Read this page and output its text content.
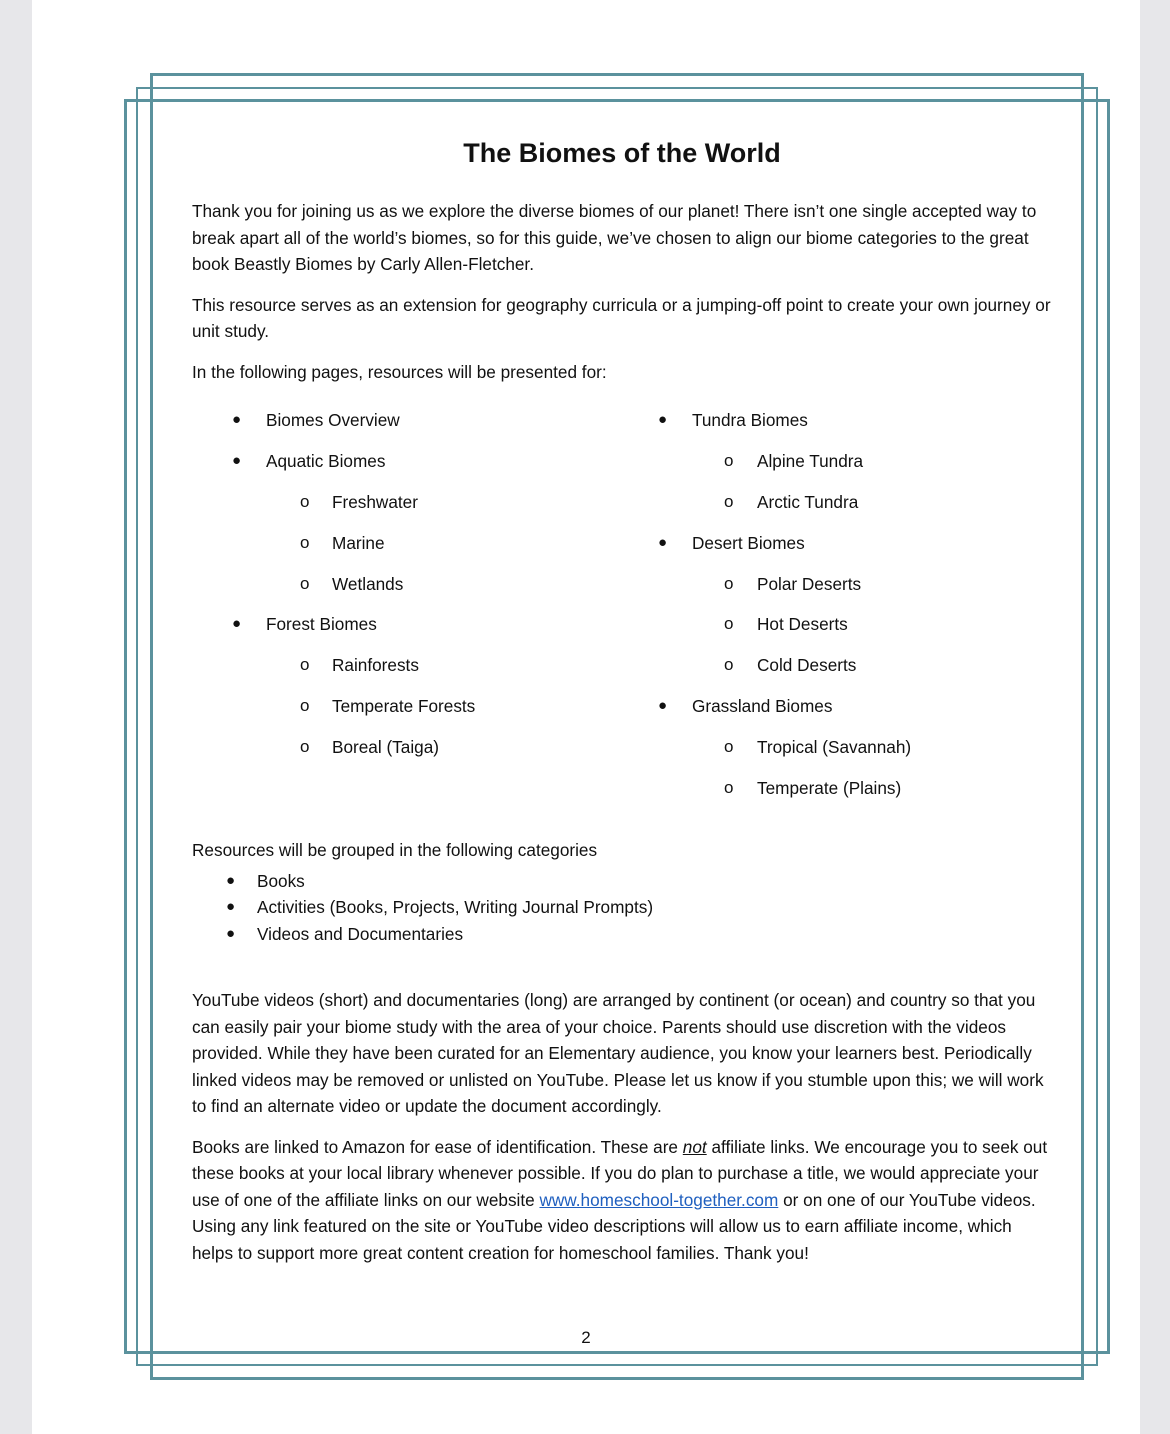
The Biomes of the World

Thank you for joining us as we explore the diverse biomes of our planet! There isn’t one single accepted way to break apart all of the world’s biomes, so for this guide, we’ve chosen to align our biome categories to the great book Beastly Biomes by Carly Allen-Fletcher.

This resource serves as an extension for geography curricula or a jumping-off point to create your own journey or unit study.

In the following pages, resources will be presented for:

● Biomes Overview
● Aquatic Biomes
o Freshwater
o Marine
o Wetlands
● Forest Biomes
o Rainforests
o Temperate Forests
o Boreal (Taiga)
● Tundra Biomes
o Alpine Tundra
o Arctic Tundra
● Desert Biomes
o Polar Deserts
o Hot Deserts
o Cold Deserts
● Grassland Biomes
o Tropical (Savannah)
o Temperate (Plains)

Resources will be grouped in the following categories

● Books
● Activities (Books, Projects, Writing Journal Prompts)
● Videos and Documentaries

YouTube videos (short) and documentaries (long) are arranged by continent (or ocean) and country so that you can easily pair your biome study with the area of your choice. Parents should use discretion with the videos provided. While they have been curated for an Elementary audience, you know your learners best. Periodically linked videos may be removed or unlisted on YouTube. Please let us know if you stumble upon this; we will work to find an alternate video or update the document accordingly.

Books are linked to Amazon for ease of identification. These are not affiliate links. We encourage you to seek out these books at your local library whenever possible. If you do plan to purchase a title, we would appreciate your use of one of the affiliate links on our website www.homeschool-together.com or on one of our YouTube videos. Using any link featured on the site or YouTube video descriptions will allow us to earn affiliate income, which helps to support more great content creation for homeschool families. Thank you!

2
